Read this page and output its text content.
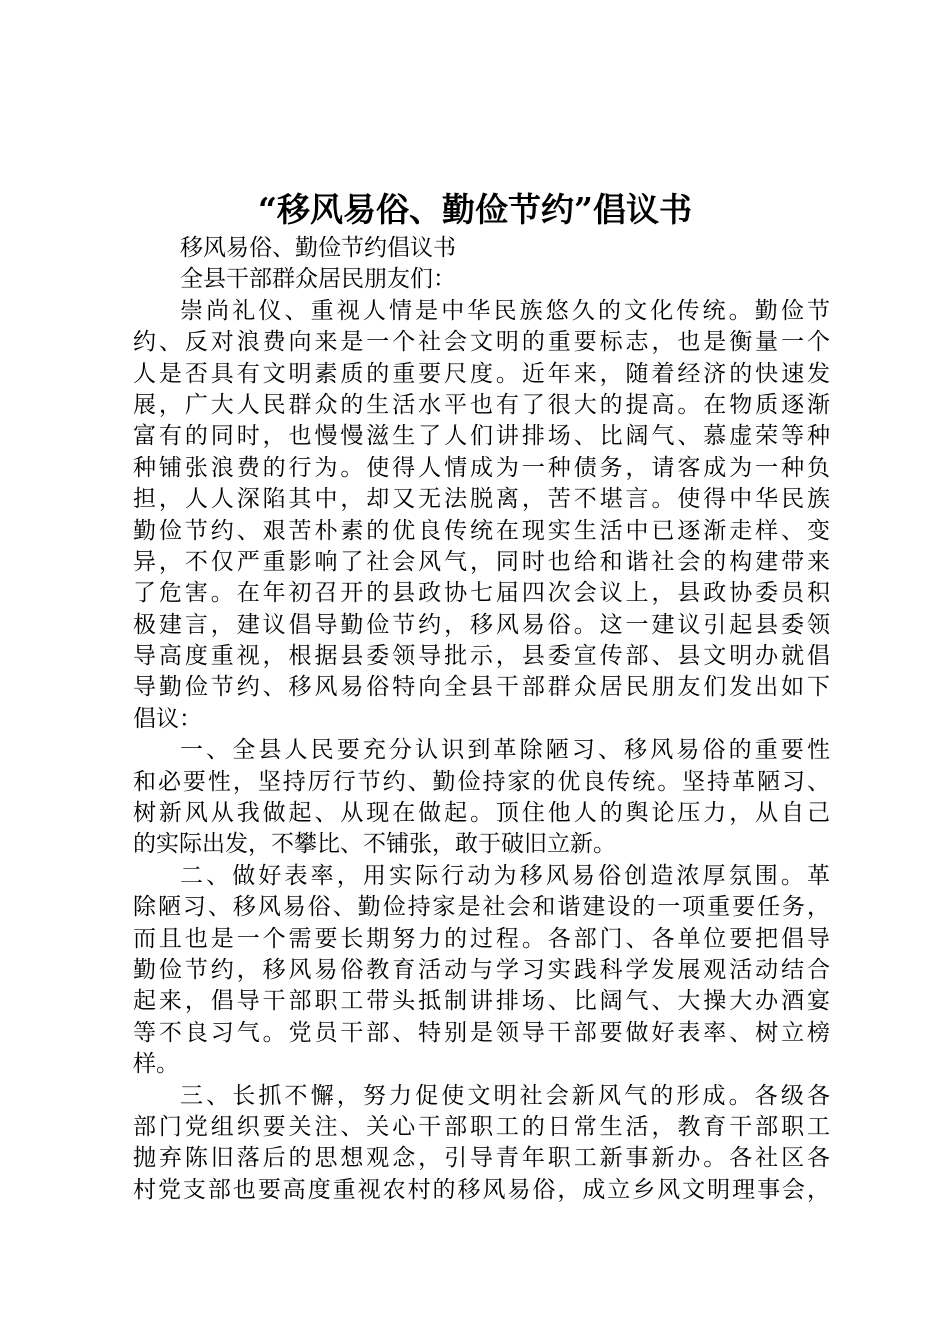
“移风易俗、勤俭节约”倡议书
移风易俗、勤俭节约倡议书
全县干部群众居民朋友们：
崇尚礼仪、重视人情是中华民族悠久的文化传统。勤俭节
约、反对浪费向来是一个社会文明的重要标志，也是衡量一个
人是否具有文明素质的重要尺度。近年来，随着经济的快速发
展，广大人民群众的生活水平也有了很大的提高。在物质逐渐
富有的同时，也慢慢滋生了人们讲排场、比阔气、慕虚荣等种
种铺张浪费的行为。使得人情成为一种债务，请客成为一种负
担，人人深陷其中，却又无法脱离，苦不堪言。使得中华民族
勤俭节约、艰苦朴素的优良传统在现实生活中已逐渐走样、变
异，不仅严重影响了社会风气，同时也给和谐社会的构建带来
了危害。在年初召开的县政协七届四次会议上，县政协委员积
极建言，建议倡导勤俭节约，移风易俗。这一建议引起县委领
导高度重视，根据县委领导批示，县委宣传部、县文明办就倡
导勤俭节约、移风易俗特向全县干部群众居民朋友们发出如下
倡议：
一、全县人民要充分认识到革除陋习、移风易俗的重要性
和必要性，坚持厉行节约、勤俭持家的优良传统。坚持革陋习、
树新风从我做起、从现在做起。顶住他人的舆论压力，从自己
的实际出发，不攀比、不铺张，敢于破旧立新。
二、做好表率，用实际行动为移风易俗创造浓厚氛围。革
除陋习、移风易俗、勤俭持家是社会和谐建设的一项重要任务，
而且也是一个需要长期努力的过程。各部门、各单位要把倡导
勤俭节约，移风易俗教育活动与学习实践科学发展观活动结合
起来，倡导干部职工带头抵制讲排场、比阔气、大操大办酒宴
等不良习气。党员干部、特别是领导干部要做好表率、树立榜
样。
三、长抓不懈，努力促使文明社会新风气的形成。各级各
部门党组织要关注、关心干部职工的日常生活，教育干部职工
抛弃陈旧落后的思想观念，引导青年职工新事新办。各社区各
村党支部也要高度重视农村的移风易俗，成立乡风文明理事会，
